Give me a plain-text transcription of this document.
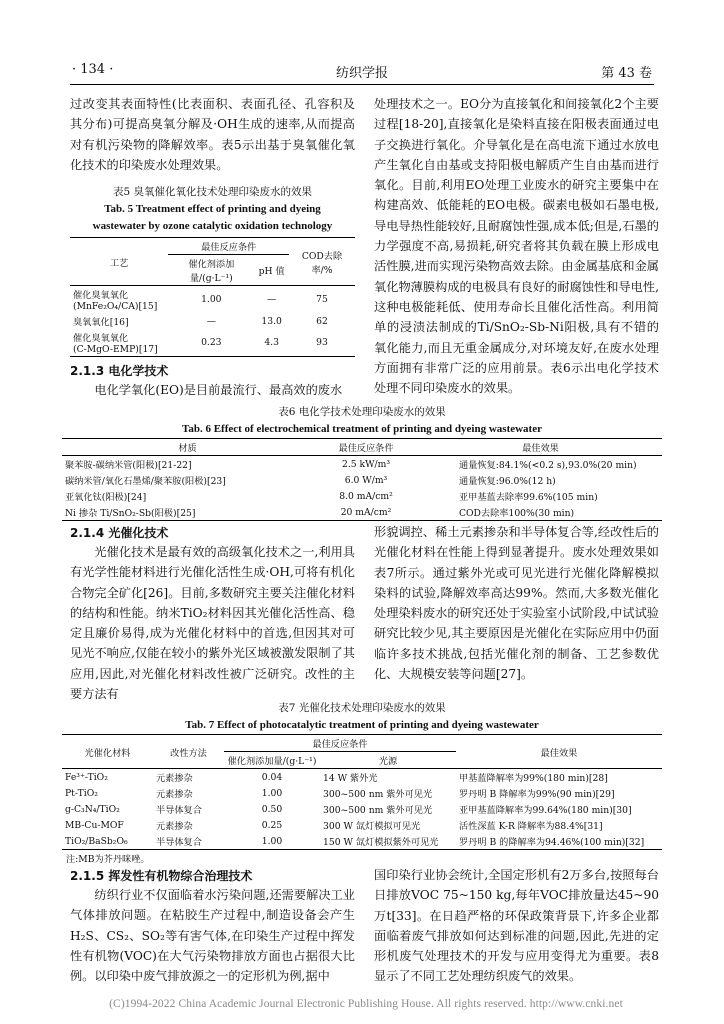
· 134 ·	纺织学报	第 43 卷

过改变其表面特性(比表面积、表面孔径、孔容积及其分布)可提高臭氧分解及·OH生成的速率,从而提高对有机污染物的降解效率。表5示出基于臭氧催化氧化技术的印染废水处理效果。

表5 臭氧催化氧化技术处理印染废水的效果
Tab. 5 Treatment effect of printing and dyeing
wastewater by ozone catalytic oxidation technology
工艺	最佳反应条件		COD去除率/%
	催化剂添加量/(g·L⁻¹)	pH 值	
催化臭氧氧化
(MnFe₂O₄/CA)[15]	1.00	—	75
臭氧氧化[16]	—	13.0	62
催化臭氧氧化
(C-MgO-EMP)[17]	0.23	4.3	93
2.1.3 电化学技术
电化学氧化(EO)是目前最流行、最高效的废水

处理技术之一。EO分为直接氧化和间接氧化2个主要过程[18-20],直接氧化是染料直接在阳极表面通过电子交换进行氧化。介导氧化是在高电流下通过水放电产生氧化自由基或支持阳极电解质产生自由基而进行氧化。目前,利用EO处理工业废水的研究主要集中在构建高效、低能耗的EO电极。碳素电极如石墨电极,导电导热性能较好,且耐腐蚀性强,成本低;但是,石墨的力学强度不高,易损耗,研究者将其负载在膜上形成电活性膜,进而实现污染物高效去除。由金属基底和金属氧化物薄膜构成的电极具有良好的耐腐蚀性和导电性,这种电极能耗低、使用寿命长且催化活性高。利用简单的浸渍法制成的Ti/SnO₂-Sb-Ni阳极,具有不错的氧化能力,而且无重金属成分,对环境友好,在废水处理方面拥有非常广泛的应用前景。表6示出电化学技术处理不同印染废水的效果。

表6 电化学技术处理印染废水的效果
Tab. 6 Effect of electrochemical treatment of printing and dyeing wastewater
材质	最佳反应条件	最佳效果
聚苯胺-碳纳米管(阳极)[21-22]	2.5 kW/m³	通量恢复:84.1%(<0.2 s),93.0%(20 min)
碳纳米管/氧化石墨烯/聚苯胺(阳极)[23]	6.0 W/m³	通量恢复:96.0%(12 h)
亚氧化钛(阳极)[24]	8.0 mA/cm²	亚甲基蓝去除率99.6%(105 min)
Ni 掺杂 Ti/SnO₂-Sb(阳极)[25]	20 mA/cm²	COD去除率100%(30 min)
2.1.4 光催化技术
光催化技术是最有效的高级氧化技术之一,利用具有光学性能材料进行光催化活性生成·OH,可将有机化合物完全矿化[26]。目前,多数研究主要关注催化材料的结构和性能。纳米TiO₂材料因其光催化活性高、稳定且廉价易得,成为光催化材料中的首选,但因其对可见光不响应,仅能在较小的紫外光区域被激发限制了其应用,因此,对光催化材料改性被广泛研究。改性的主要方法有
形貌调控、稀土元素掺杂和半导体复合等,经改性后的光催化材料在性能上得到显著提升。废水处理效果如表7所示。通过紫外光或可见光进行光催化降解模拟染料的试验,降解效率高达99%。然而,大多数光催化处理染料废水的研究还处于实验室小试阶段,中试试验研究比较少见,其主要原因是光催化在实际应用中仍面临许多技术挑战,包括光催化剂的制备、工艺参数优化、大规模安装等问题[27]。
表7 光催化技术处理印染废水的效果
Tab. 7 Effect of photocatalytic treatment of printing and dyeing wastewater
光催化材料	改性方法	最佳反应条件		最佳效果
		催化剂添加量/(g·L⁻¹)	光源	
Fe³⁺-TiO₂	元素掺杂	0.04	14 W 紫外光	甲基蓝降解率为99%(180 min)[28]
Pt-TiO₂	元素掺杂	1.00	300~500 nm 紫外可见光	罗丹明 B 降解率为99%(90 min)[29]
g-C₃N₄/TiO₂	半导体复合	0.50	300~500 nm 紫外可见光	亚甲基蓝降解率为99.64%(180 min)[30]
MB-Cu-MOF	元素掺杂	0.25	300 W 氙灯模拟可见光	活性深蓝 K-R 降解率为88.4%[31]
TiO₂/BaSb₂O₆	半导体复合	1.00	150 W 氙灯模拟紫外可见光	罗丹明 B 的降解率为94.46%(100 min)[32]
注:MB为芥丹咪唑。
2.1.5 挥发性有机物综合治理技术
纺织行业不仅面临着水污染问题,还需要解决工业气体排放问题。在粘胶生产过程中,制造设备会产生H₂S、CS₂、SO₂等有害气体,在印染生产过程中挥发性有机物(VOC)在大气污染物排放方面也占据很大比例。以印染中废气排放源之一的定形机为例,据中
国印染行业协会统计,全国定形机有2万多台,按照每台日排放VOC 75~150 kg,每年VOC排放量达45~90万t[33]。在日趋严格的环保政策背景下,许多企业都面临着废气排放如何达到标准的问题,因此,先进的定形机废气处理技术的开发与应用变得尤为重要。表8显示了不同工艺处理纺织废气的效果。
(C)1994-2022 China Academic Journal Electronic Publishing House. All rights reserved. http://www.cnki.net
